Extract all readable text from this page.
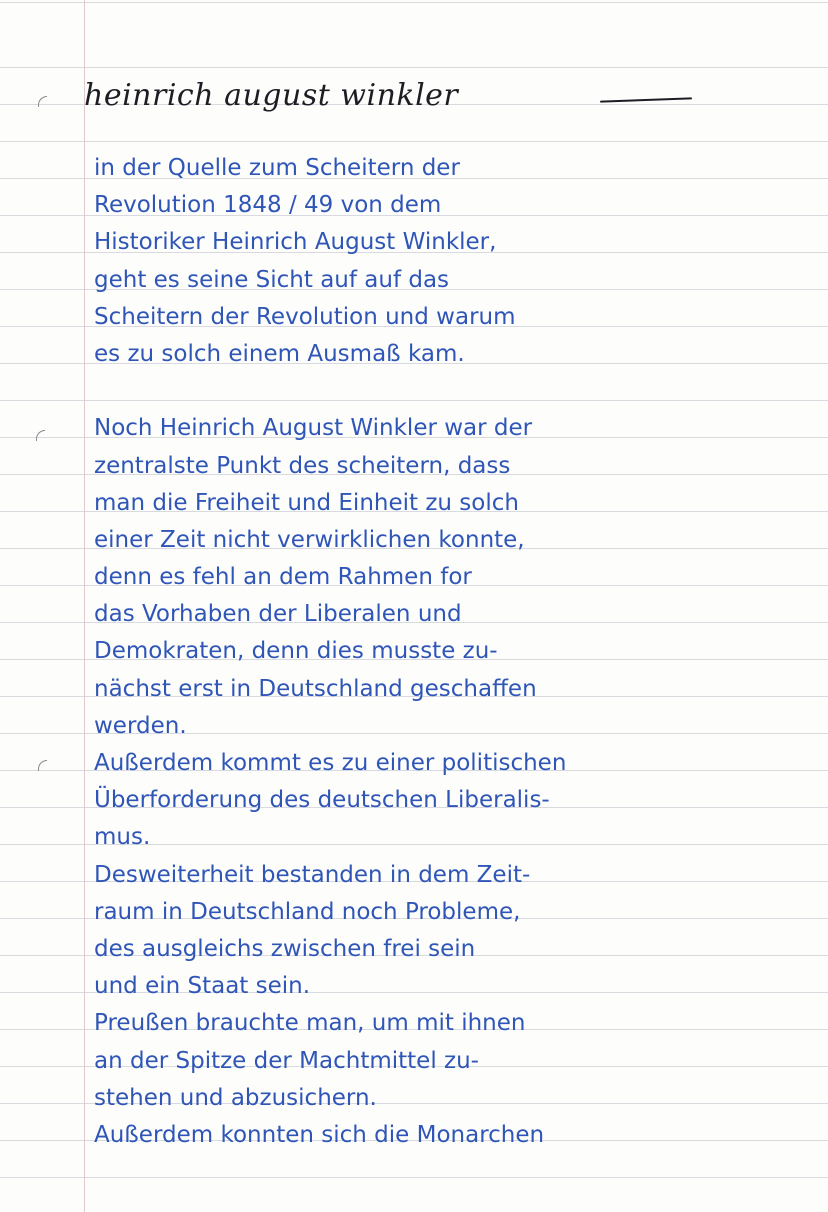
heinrich august winkler
in der Quelle zum Scheitern der
Revolution 1848 / 49 von dem
Historiker Heinrich August Winkler,
geht es seine Sicht auf auf das
Scheitern der Revolution und warum
es zu solch einem Ausmaß kam.
Noch Heinrich August Winkler war der
zentralste Punkt des scheitern, dass
man die Freiheit und Einheit zu solch
einer Zeit nicht verwirklichen konnte,
denn es fehl an dem Rahmen for
das Vorhaben der Liberalen und
Demokraten, denn dies musste zu-
nächst erst in Deutschland geschaffen
werden.
Außerdem kommt es zu einer politischen
Überforderung des deutschen Liberalis-
mus.
Desweiterheit bestanden in dem Zeit-
raum in Deutschland noch Probleme,
des ausgleichs zwischen frei sein
und ein Staat sein.
Preußen brauchte man, um mit ihnen
an der Spitze der Machtmittel zu-
stehen und abzusichern.
Außerdem konnten sich die Monarchen
